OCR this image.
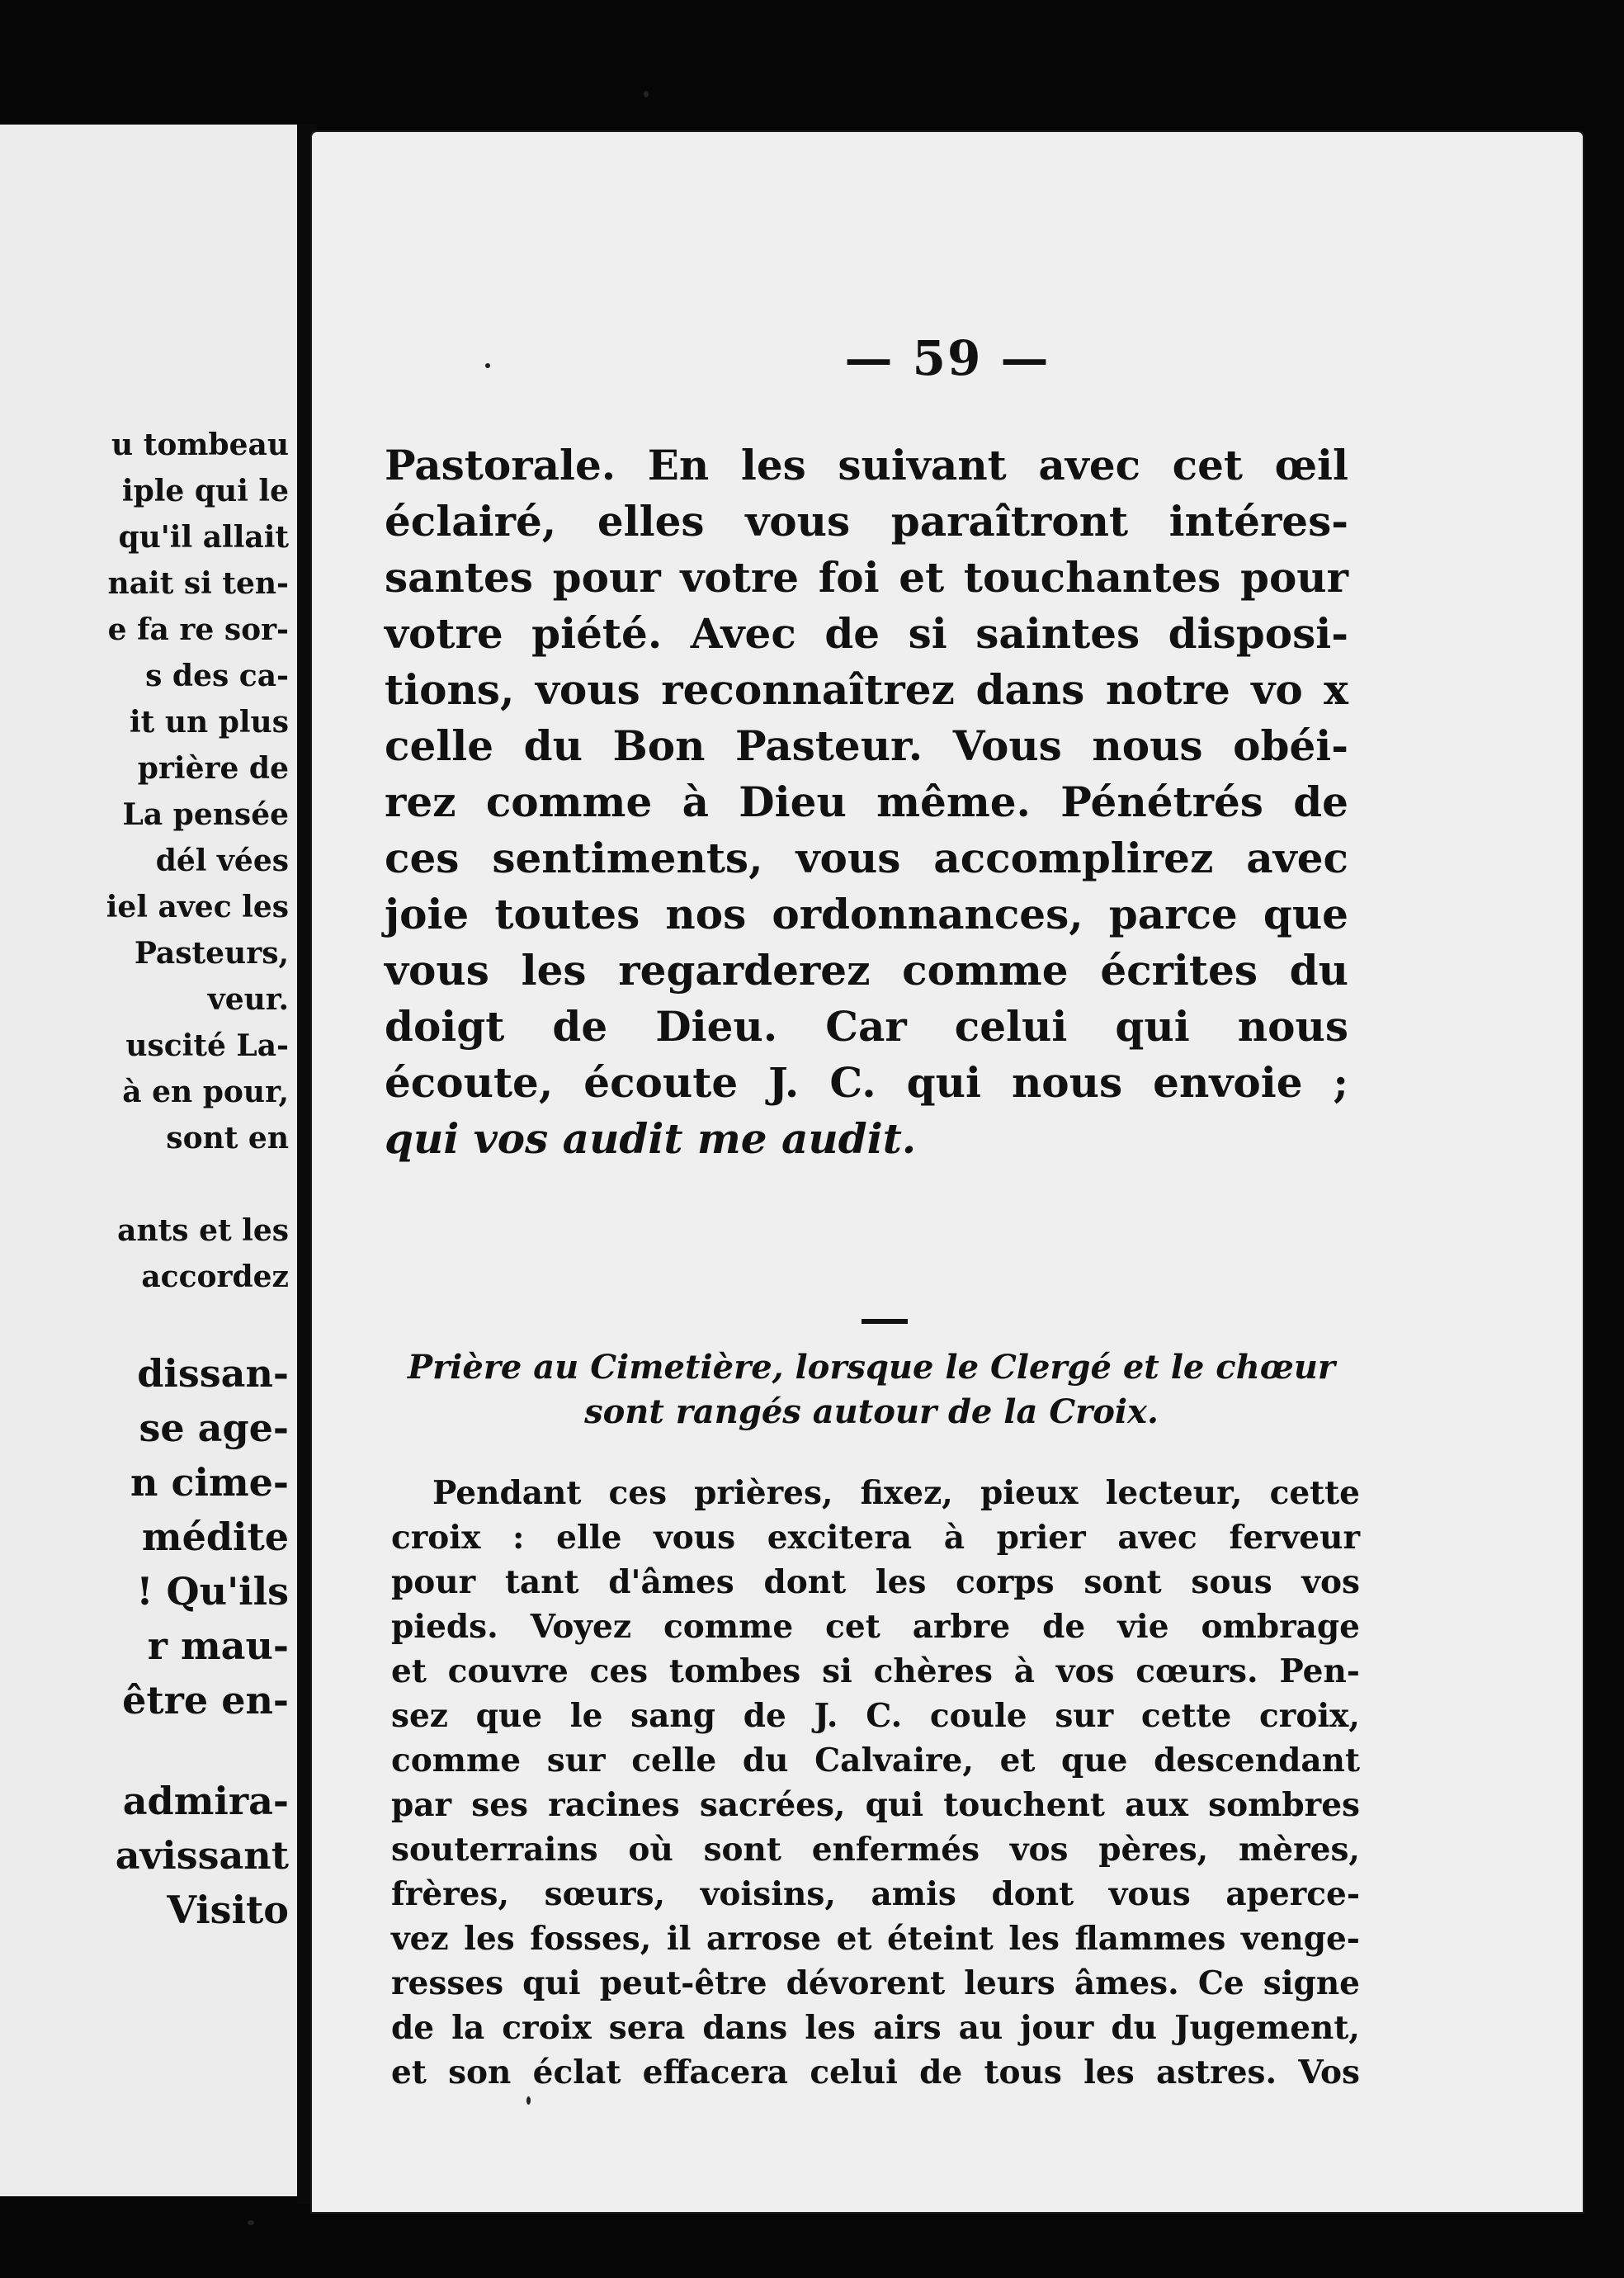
u tombeau
iple qui le
qu'il allait
nait si ten-
e fa re sor-
s des ca-
it un plus
prière de
La pensée
dél vées
iel avec les
Pasteurs,
veur.
uscité La-
à en pour,
sont en
ants et les
accordez
dissan-
se age-
n cime-
médite
! Qu'ils
r mau-
être en-
admira-
avissant
Visito
— 59 —
Pastorale. En les suivant avec cet œil
éclairé, elles vous paraîtront intéres-
santes pour votre foi et touchantes pour
votre piété. Avec de si saintes disposi-
tions, vous reconnaîtrez dans notre vo x
celle du Bon Pasteur. Vous nous obéi-
rez comme à Dieu même. Pénétrés de
ces sentiments, vous accomplirez avec
joie toutes nos ordonnances, parce que
vous les regarderez comme écrites du
doigt de Dieu. Car celui qui nous
écoute, écoute J. C. qui nous envoie ;
qui vos audit me audit.
Prière au Cimetière, lorsque le Clergé et le chœur
sont rangés autour de la Croix.
Pendant ces prières, fixez, pieux lecteur, cette
croix : elle vous excitera à prier avec ferveur
pour tant d'âmes dont les corps sont sous vos
pieds. Voyez comme cet arbre de vie ombrage
et couvre ces tombes si chères à vos cœurs. Pen-
sez que le sang de J. C. coule sur cette croix,
comme sur celle du Calvaire, et que descendant
par ses racines sacrées, qui touchent aux sombres
souterrains où sont enfermés vos pères, mères,
frères, sœurs, voisins, amis dont vous aperce-
vez les fosses, il arrose et éteint les flammes venge-
resses qui peut-être dévorent leurs âmes. Ce signe
de la croix sera dans les airs au jour du Jugement,
et son éclat effacera celui de tous les astres. Vos
